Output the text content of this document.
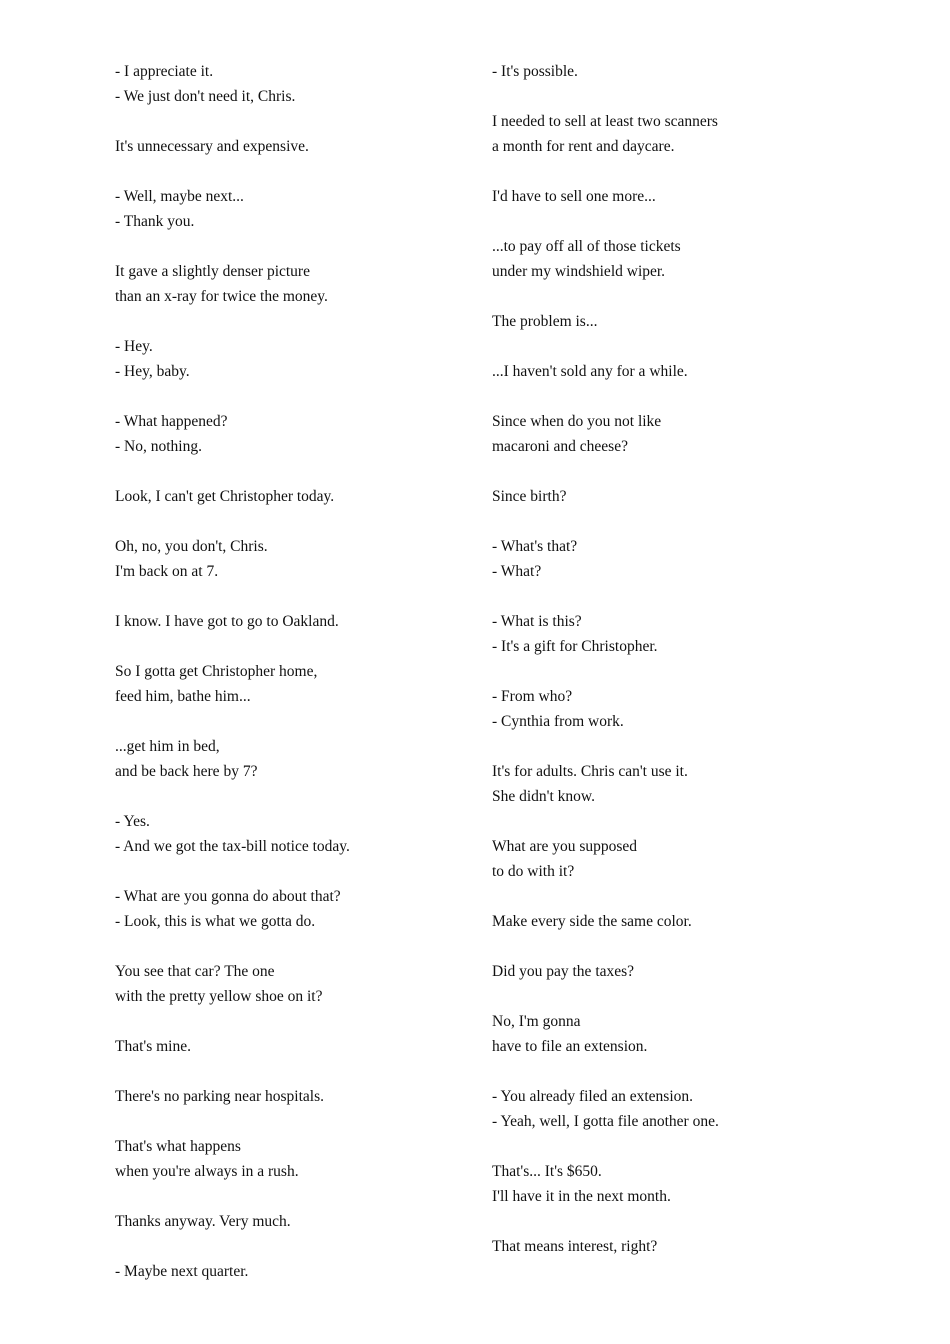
- I appreciate it.
- We just don't need it, Chris.
It's unnecessary and expensive.
- Well, maybe next...
- Thank you.
It gave a slightly denser picture
than an x-ray for twice the money.
- Hey.
- Hey, baby.
- What happened?
- No, nothing.
Look, I can't get Christopher today.
Oh, no, you don't, Chris.
I'm back on at 7.
I know. I have got to go to Oakland.
So I gotta get Christopher home,
feed him, bathe him...
...get him in bed,
and be back here by 7?
- Yes.
- And we got the tax-bill notice today.
- What are you gonna do about that?
- Look, this is what we gotta do.
You see that car? The one
with the pretty yellow shoe on it?
That's mine.
There's no parking near hospitals.
That's what happens
when you're always in a rush.
Thanks anyway. Very much.
- Maybe next quarter.
- It's possible.
I needed to sell at least two scanners
a month for rent and daycare.
I'd have to sell one more...
...to pay off all of those tickets
under my windshield wiper.
The problem is...
...I haven't sold any for a while.
Since when do you not like
macaroni and cheese?
Since birth?
- What's that?
- What?
- What is this?
- It's a gift for Christopher.
- From who?
- Cynthia from work.
It's for adults. Chris can't use it.
She didn't know.
What are you supposed
to do with it?
Make every side the same color.
Did you pay the taxes?
No, I'm gonna
have to file an extension.
- You already filed an extension.
- Yeah, well, I gotta file another one.
That's... It's $650.
I'll have it in the next month.
That means interest, right?
